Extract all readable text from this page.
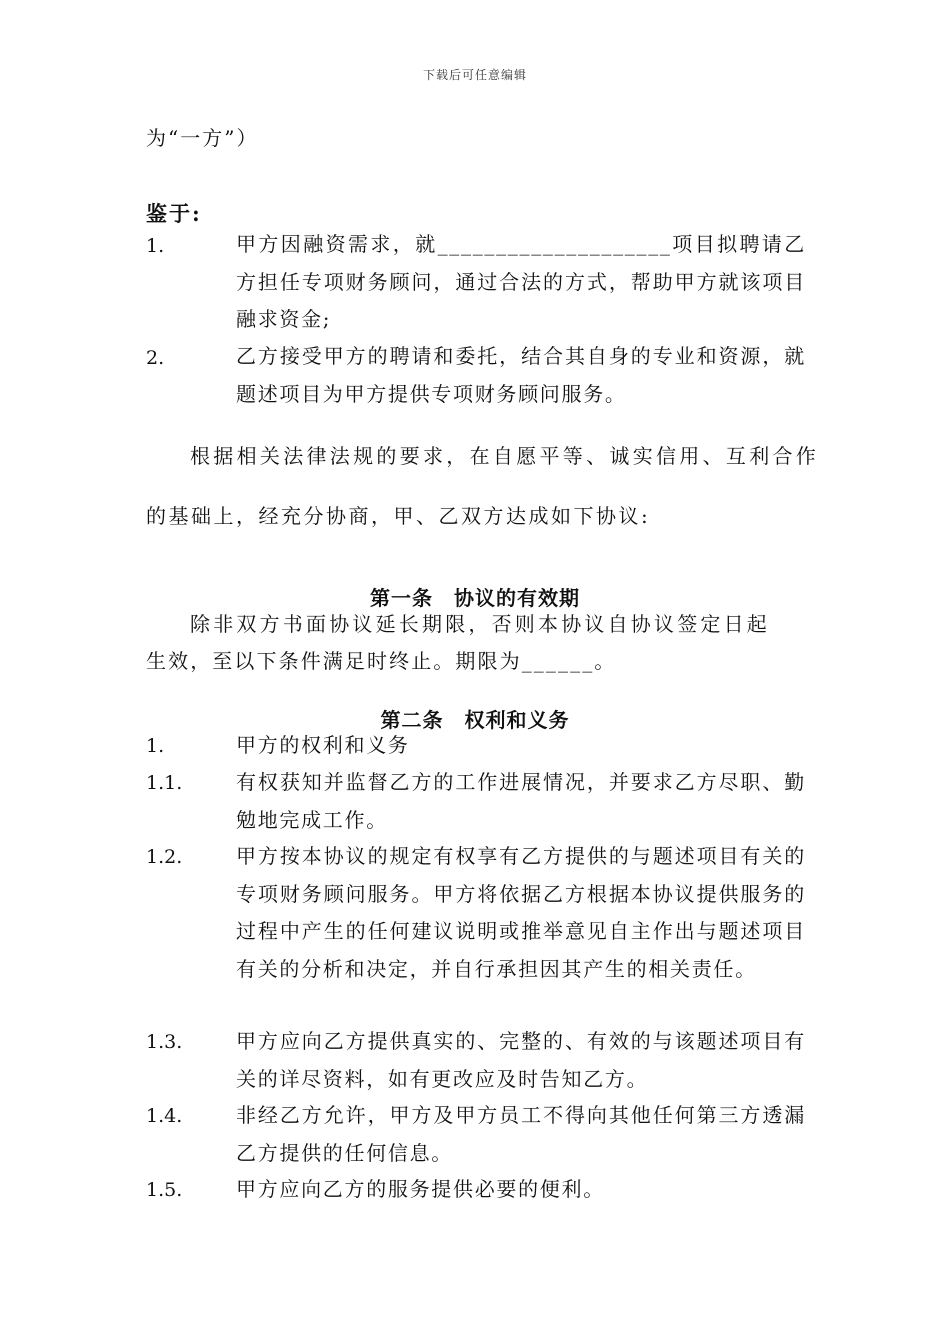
下载后可任意编辑
为“一方”）
鉴于:
1.	甲方因融资需求，就____________________项目拟聘请乙方担任专项财务顾问，通过合法的方式，帮助甲方就该项目融求资金;
2.	乙方接受甲方的聘请和委托，结合其自身的专业和资源，就题述项目为甲方提供专项财务顾问服务。
根据相关法律法规的要求，在自愿平等、诚实信用、互利合作
的基础上，经充分协商，甲、乙双方达成如下协议:
第一条　协议的有效期
除非双方书面协议延长期限，否则本协议自协议签定日起
生效，至以下条件满足时终止。期限为______。
第二条　权利和义务
1.	甲方的权利和义务
1.1.	有权获知并监督乙方的工作进展情况，并要求乙方尽职、勤勉地完成工作。
1.2.	甲方按本协议的规定有权享有乙方提供的与题述项目有关的专项财务顾问服务。甲方将依据乙方根据本协议提供服务的过程中产生的任何建议说明或推举意见自主作出与题述项目有关的分析和决定，并自行承担因其产生的相关责任。
1.3.	甲方应向乙方提供真实的、完整的、有效的与该题述项目有关的详尽资料，如有更改应及时告知乙方。
1.4.	非经乙方允许，甲方及甲方员工不得向其他任何第三方透漏乙方提供的任何信息。
1.5.	甲方应向乙方的服务提供必要的便利。
